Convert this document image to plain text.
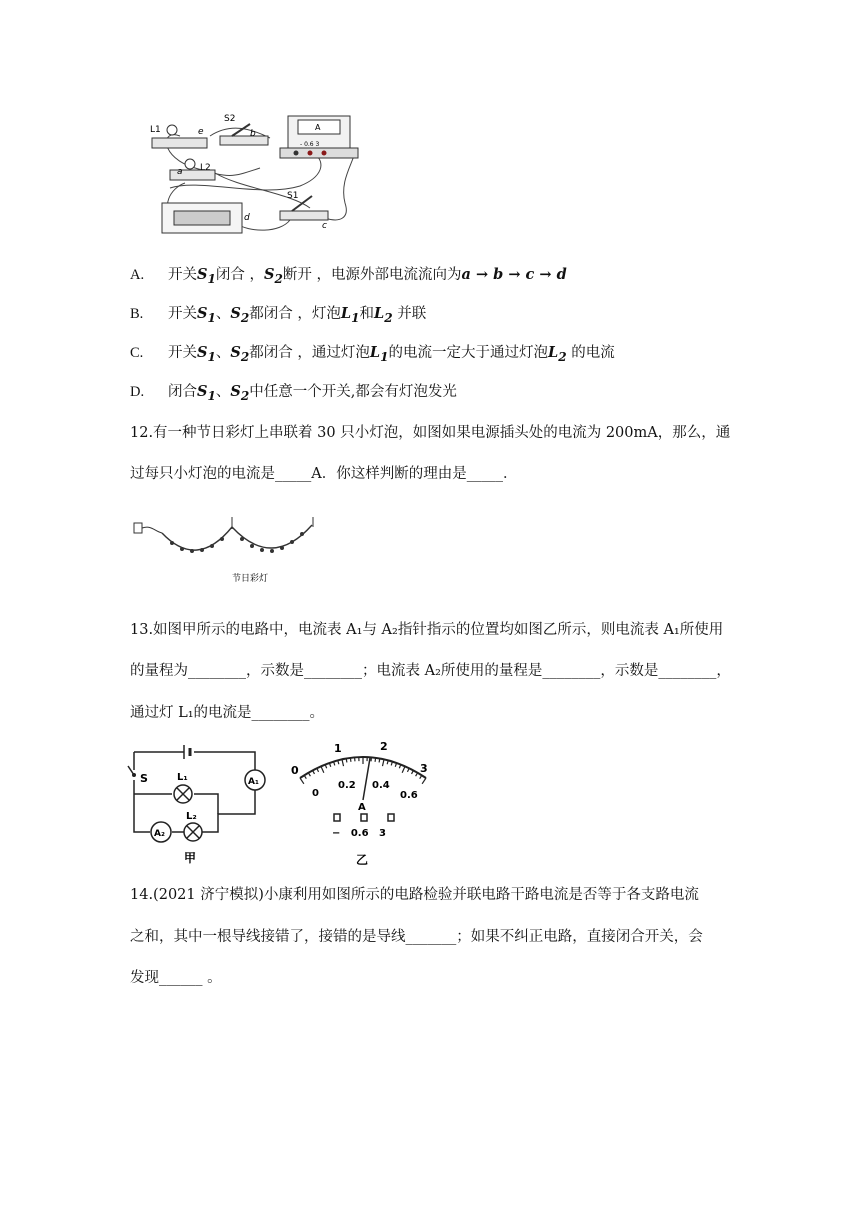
L1	e
S2
b
A
- 0.6 3
a L2
S1
c
d
A. 开关$S_1$闭合 ，$S_2$断开 ，电源外部电流流向为a → b → c → d
B. 开关$S_1$、$S_2$都闭合 ，灯泡$L_1$和$L_2$ 并联
C. 开关$S_1$、$S_2$都闭合 ，通过灯泡$L_1$的电流一定大于通过灯泡$L_2$ 的电流
D. 闭合$S_1$、$S_2$中任意一个开关,都会有灯泡发光
12.有一种节日彩灯上串联着 30 只小灯泡，如图如果电源插头处的电流为 200mA，那么，通
过每只小灯泡的电流是_____A．你这样判断的理由是_____．
节日彩灯
13.如图甲所示的电路中，电流表 A₁与 A₂指针指示的位置均如图乙所示，则电流表 A₁所使用
的量程为________，示数是________；电流表 A₂所使用的量程是________，示数是________，
通过灯 L₁的电流是________。
S	L₁	A₁
L₂
A₂
甲
1	2
0	3
0
0.2 0.4
0.6
A
−   0.6   3
乙
14.(2021 济宁模拟)小康利用如图所示的电路检验并联电路干路电流是否等于各支路电流
之和，其中一根导线接错了，接错的是导线_______；如果不纠正电路，直接闭合开关，会
发现______ 。
